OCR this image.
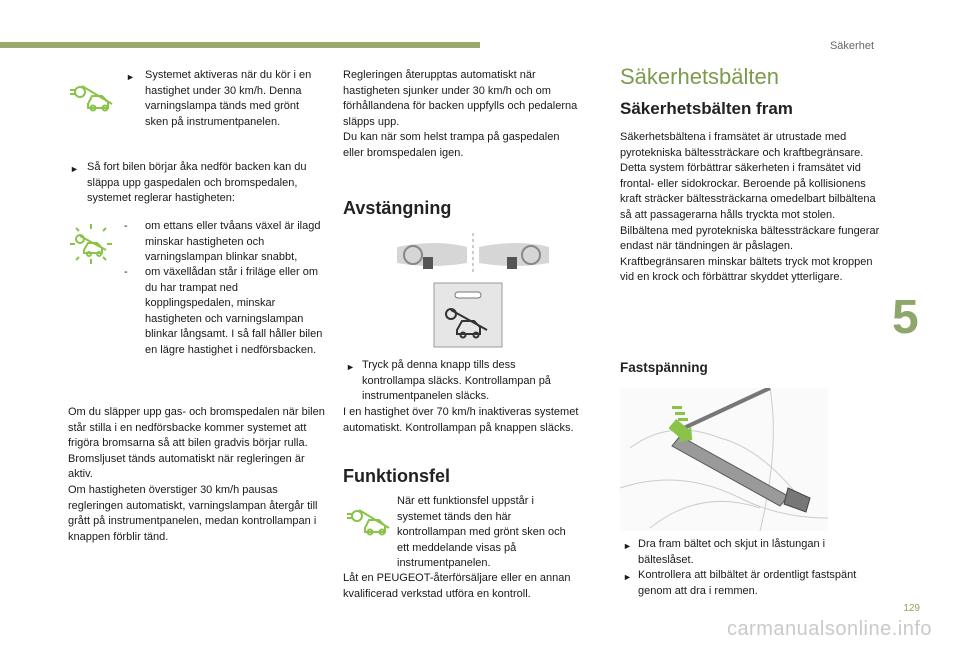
Säkerhet
► Systemet aktiveras när du kör i en hastighet under 30 km/h. Denna varningslampa tänds med grönt sken på instrumentpanelen.
► Så fort bilen börjar åka nedför backen kan du släppa upp gaspedalen och bromspedalen, systemet reglerar hastigheten:
- om ettans eller tvåans växel är ilagd minskar hastigheten och varningslampan blinkar snabbt,
- om växellådan står i friläge eller om du har trampat ned kopplingspedalen, minskar hastigheten och varningslampan blinkar långsamt. I så fall håller bilen en lägre hastighet i nedförsbacken.
Om du släpper upp gas- och bromspedalen när bilen står stilla i en nedförsbacke kommer systemet att frigöra bromsarna så att bilen gradvis börjar rulla.
Bromsljuset tänds automatiskt när regleringen är aktiv.
Om hastigheten överstiger 30 km/h pausas regleringen automatiskt, varningslampan återgår till grått på instrumentpanelen, medan kontrollampan i knappen förblir tänd.
Regleringen återupptas automatiskt när hastigheten sjunker under 30 km/h och om förhållandena för backen uppfylls och pedalerna släpps upp.
Du kan när som helst trampa på gaspedalen eller bromspedalen igen.
Avstängning
► Tryck på denna knapp tills dess kontrollampa släcks. Kontrollampan på instrumentpanelen släcks.
I en hastighet över 70 km/h inaktiveras systemet automatiskt. Kontrollampan på knappen släcks.
Funktionsfel
När ett funktionsfel uppstår i systemet tänds den här kontrollampan med grönt sken och ett meddelande visas på instrumentpanelen.
Låt en PEUGEOT-återförsäljare eller en annan kvalificerad verkstad utföra en kontroll.
Säkerhetsbälten
Säkerhetsbälten fram
Säkerhetsbältena i framsätet är utrustade med pyrotekniska bältessträckare och kraftbegränsare.
Detta system förbättrar säkerheten i framsätet vid frontal- eller sidokrockar. Beroende på kollisionens kraft sträcker bältessträckarna omedelbart bilbältena så att passagerarna hålls tryckta mot stolen.
Bilbältena med pyrotekniska bältessträckare fungerar endast när tändningen är påslagen.
Kraftbegränsaren minskar bältets tryck mot kroppen vid en krock och förbättrar skyddet ytterligare.
Fastspänning
► Dra fram bältet och skjut in låstungan i bälteslåset.
► Kontrollera att bilbältet är ordentligt fastspänt genom att dra i remmen.
5
129
carmanualsonline.info
